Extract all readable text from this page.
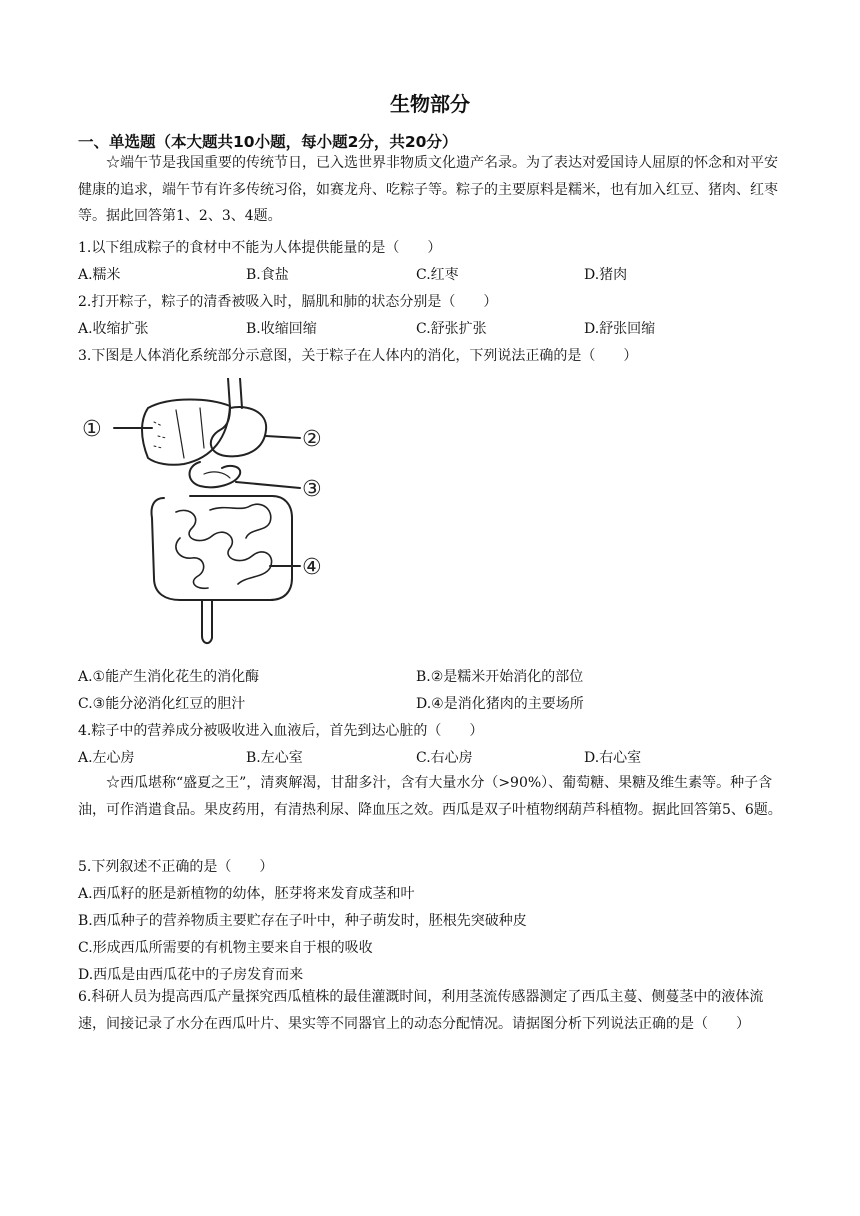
生物部分
一、单选题（本大题共10小题，每小题2分，共20分）

☆端午节是我国重要的传统节日，已入选世界非物质文化遗产名录。为了表达对爱国诗人屈原的怀念和对平安健康的追求，端午节有许多传统习俗，如赛龙舟、吃粽子等。粽子的主要原料是糯米，也有加入红豆、猪肉、红枣等。据此回答第1、2、3、4题。

1.以下组成粽子的食材中不能为人体提供能量的是（　　）
A.糯米	B.食盐	C.红枣	D.猪肉
2.打开粽子，粽子的清香被吸入时，膈肌和肺的状态分别是（　　）
A.收缩扩张	B.收缩回缩	C.舒张扩张	D.舒张回缩
3.下图是人体消化系统部分示意图，关于粽子在人体内的消化，下列说法正确的是（　　）
①	②
③
④
A.①能产生消化花生的消化酶	B.②是糯米开始消化的部位
C.③能分泌消化红豆的胆汁	D.④是消化猪肉的主要场所
4.粽子中的营养成分被吸收进入血液后，首先到达心脏的（　　）
A.左心房	B.左心室	C.右心房	D.右心室

☆西瓜堪称“盛夏之王”，清爽解渴，甘甜多汁，含有大量水分（>90%）、葡萄糖、果糖及维生素等。种子含油，可作消遣食品。果皮药用，有清热利尿、降血压之效。西瓜是双子叶植物纲葫芦科植物。据此回答第5、6题。

5.下列叙述不正确的是（　　）
A.西瓜籽的胚是新植物的幼体，胚芽将来发育成茎和叶
B.西瓜种子的营养物质主要贮存在子叶中，种子萌发时，胚根先突破种皮
C.形成西瓜所需要的有机物主要来自于根的吸收
D.西瓜是由西瓜花中的子房发育而来
6.科研人员为提高西瓜产量探究西瓜植株的最佳灌溉时间，利用茎流传感器测定了西瓜主蔓、侧蔓茎中的液体流速，间接记录了水分在西瓜叶片、果实等不同器官上的动态分配情况。请据图分析下列说法正确的是（　　）
